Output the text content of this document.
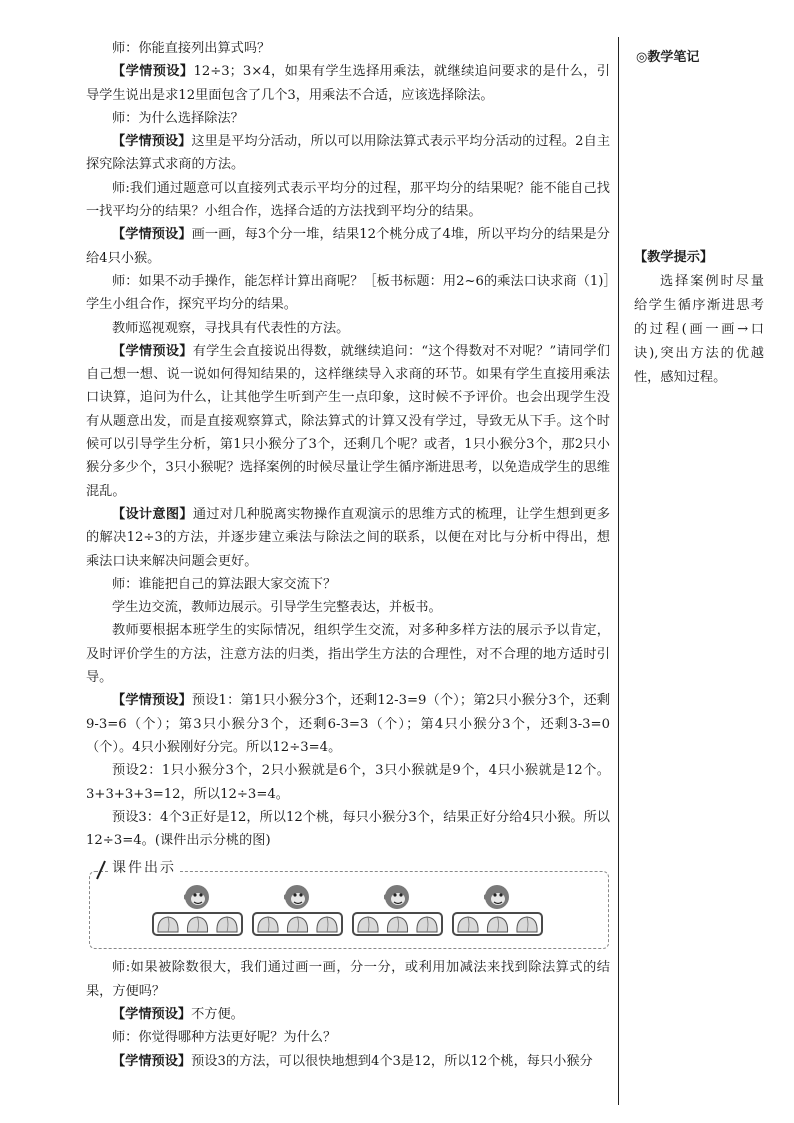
师：你能直接列出算式吗？

【学情预设】12÷3；3×4，如果有学生选择用乘法，就继续追问要求的是什么，引导学生说出是求12里面包含了几个3，用乘法不合适，应该选择除法。

师：为什么选择除法？

【学情预设】这里是平均分活动，所以可以用除法算式表示平均分活动的过程。2自主探究除法算式求商的方法。

师:我们通过题意可以直接列式表示平均分的过程，那平均分的结果呢？能不能自己找一找平均分的结果？小组合作，选择合适的方法找到平均分的结果。

【学情预设】画一画，每3个分一堆，结果12个桃分成了4堆，所以平均分的结果是分给4只小猴。

师：如果不动手操作，能怎样计算出商呢？［板书标题：用2~6的乘法口诀求商（1)］学生小组合作，探究平均分的结果。

教师巡视观察，寻找具有代表性的方法。

【学情预设】有学生会直接说出得数，就继续追问：“这个得数对不对呢？”请同学们自己想一想、说一说如何得知结果的，这样继续导入求商的环节。如果有学生直接用乘法口诀算，追问为什么，让其他学生听到产生一点印象，这时候不予评价。也会出现学生没有从题意出发，而是直接观察算式，除法算式的计算又没有学过，导致无从下手。这个时候可以引导学生分析，第1只小猴分了3个，还剩几个呢？或者，1只小猴分3个，那2只小猴分多少个，3只小猴呢？选择案例的时候尽量让学生循序渐进思考，以免造成学生的思维混乱。

【设计意图】通过对几种脱离实物操作直观演示的思维方式的梳理，让学生想到更多的解决12÷3的方法，并逐步建立乘法与除法之间的联系，以便在对比与分析中得出，想乘法口诀来解决问题会更好。

师：谁能把自己的算法跟大家交流下？

学生边交流，教师边展示。引导学生完整表达，并板书。

教师要根据本班学生的实际情况，组织学生交流，对多种多样方法的展示予以肯定，及时评价学生的方法，注意方法的归类，指出学生方法的合理性，对不合理的地方适时引导。

【学情预设】预设1：第1只小猴分3个，还剩12-3=9（个）；第2只小猴分3个，还剩9-3=6（个）；第3只小猴分3个，还剩6-3=3（个）；第4只小猴分3个，还剩3-3=0（个）。4只小猴刚好分完。所以12÷3=4。

预设2：1只小猴分3个，2只小猴就是6个，3只小猴就是9个，4只小猴就是12个。3+3+3+3=12，所以12÷3=4。

预设3：4个3正好是12，所以12个桃，每只小猴分3个，结果正好分给4只小猴。所以12÷3=4。(课件出示分桃的图)

课件出示

师:如果被除数很大，我们通过画一画，分一分，或利用加减法来找到除法算式的结果，方便吗？

【学情预设】不方便。

师：你觉得哪种方法更好呢？为什么？

【学情预设】预设3的方法，可以很快地想到4个3是12，所以12个桃，每只小猴分

◎教学笔记
【教学提示】
选择案例时尽量给学生循序渐进思考的过程(画一画→口诀),突出方法的优越性，感知过程。
